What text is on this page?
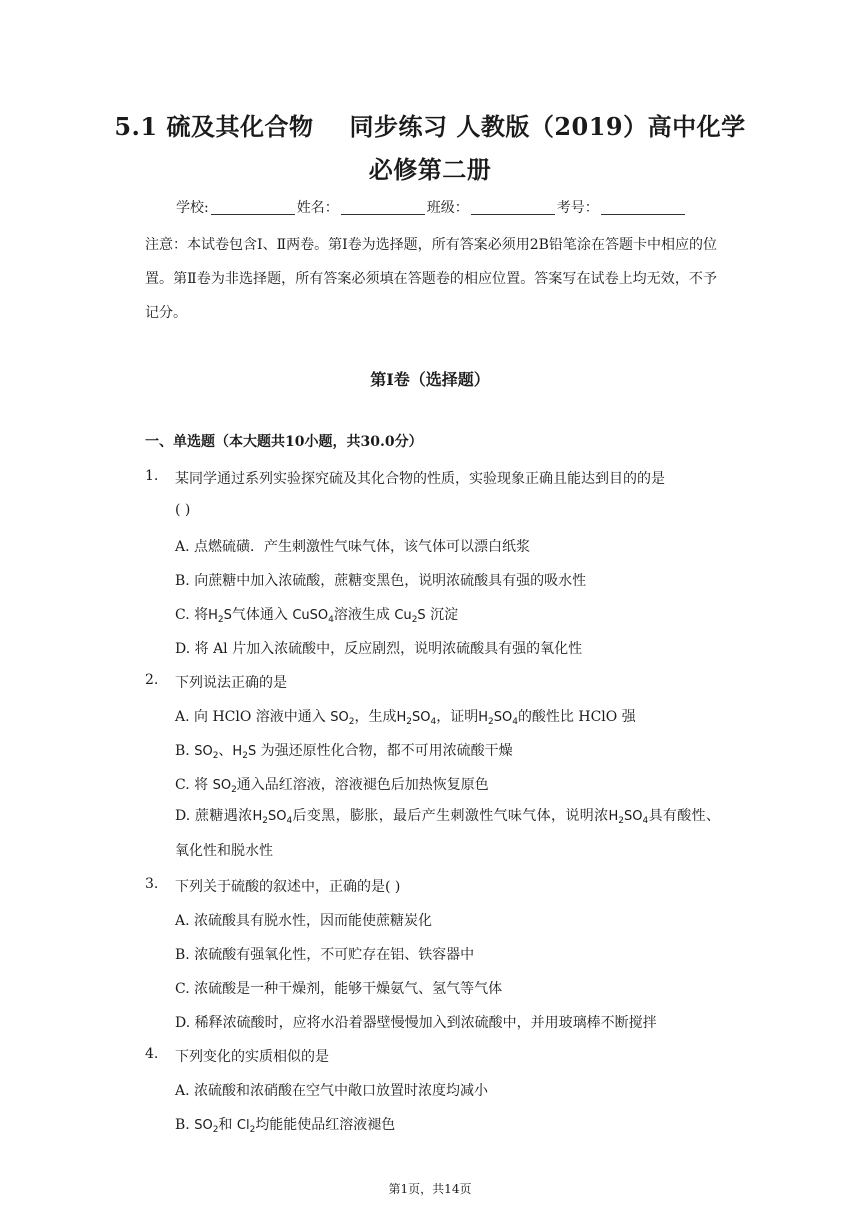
5.1 硫及其化合物 同步练习 人教版（2019）高中化学
必修第二册
学校:	姓名：	班级：	考号：
注意：本试卷包含Ⅰ、Ⅱ两卷。第Ⅰ卷为选择题，所有答案必须用2B铅笔涂在答题卡中相应的位置。第Ⅱ卷为非选择题，所有答案必须填在答题卷的相应位置。答案写在试卷上均无效，不予记分。
第Ⅰ卷（选择题）
一、单选题（本大题共10小题，共30.0分）
1. 某同学通过系列实验探究硫及其化合物的性质，实验现象正确且能达到目的的是
( )
A. 点燃硫磺．产生刺激性气味气体，该气体可以漂白纸浆
B. 向蔗糖中加入浓硫酸，蔗糖变黑色，说明浓硫酸具有强的吸水性
C. 将$H_2S$气体通入 CuSO$_4$溶液生成 $Cu_2S$ 沉淀
D. 将 Al 片加入浓硫酸中，反应剧烈，说明浓硫酸具有强的氧化性
2. 下列说法正确的是
A. 向 HClO 溶液中通入 $SO_2$，生成$H_2SO_4$，证明$H_2SO_4$的酸性比 HClO 强
B. $SO_2$、$H_2S$ 为强还原性化合物，都不可用浓硫酸干燥
C. 将 $SO_2$通入品红溶液，溶液褪色后加热恢复原色
D. 蔗糖遇浓$H_2SO_4$后变黑，膨胀，最后产生刺激性气味气体，说明浓$H_2SO_4$具有酸性、氧化性和脱水性
3. 下列关于硫酸的叙述中，正确的是( )
A. 浓硫酸具有脱水性，因而能使蔗糖炭化
B. 浓硫酸有强氧化性，不可贮存在铝、铁容器中
C. 浓硫酸是一种干燥剂，能够干燥氨气、氢气等气体
D. 稀释浓硫酸时，应将水沿着器壁慢慢加入到浓硫酸中，并用玻璃棒不断搅拌
4. 下列变化的实质相似的是
A. 浓硫酸和浓硝酸在空气中敞口放置时浓度均减小
B. $SO_2$和 $Cl_2$均能能使品红溶液褪色
第1页，共14页
